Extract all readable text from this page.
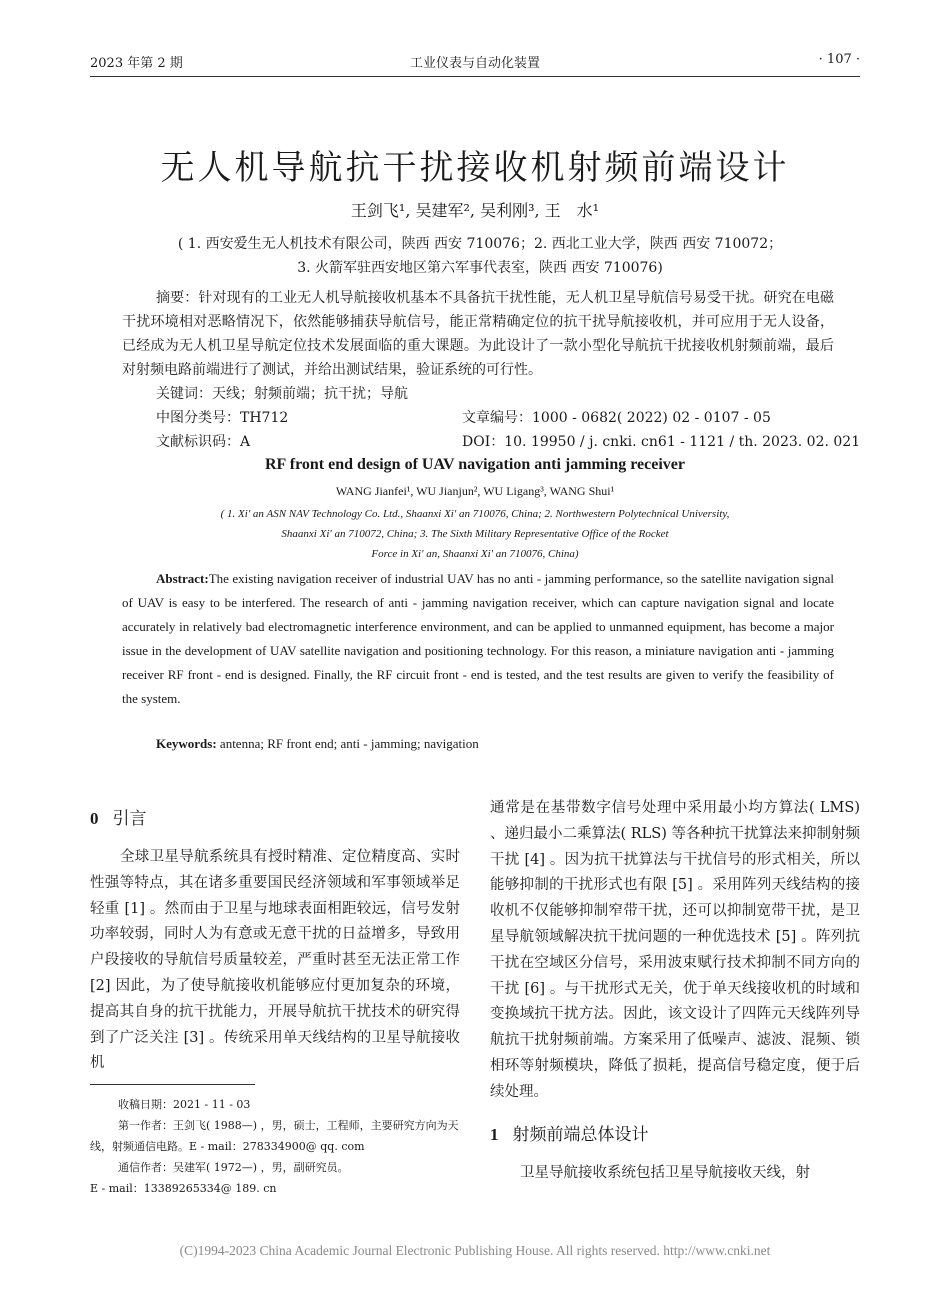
2023 年第 2 期	工业仪表与自动化装置	· 107 ·
无人机导航抗干扰接收机射频前端设计
王剑飞¹, 吴建军², 吴利刚³, 王　水¹
( 1. 西安爱生无人机技术有限公司，陕西 西安 710076；2. 西北工业大学，陕西 西安 710072；
3. 火箭军驻西安地区第六军事代表室，陕西 西安 710076)

摘要：针对现有的工业无人机导航接收机基本不具备抗干扰性能，无人机卫星导航信号易受干扰。研究在电磁干扰环境相对恶略情况下，依然能够捕获导航信号，能正常精确定位的抗干扰导航接收机，并可应用于无人设备，已经成为无人机卫星导航定位技术发展面临的重大课题。为此设计了一款小型化导航抗干扰接收机射频前端，最后对射频电路前端进行了测试，并给出测试结果，验证系统的可行性。

关键词：天线；射频前端；抗干扰；导航
中图分类号：TH712
文献标识码：A
文章编号：1000 - 0682( 2022) 02 - 0107 - 05
DOI：10. 19950 / j. cnki. cn61 - 1121 / th. 2023. 02. 021
RF front end design of UAV navigation anti jamming receiver
WANG Jianfei¹, WU Jianjun², WU Ligang³, WANG Shui¹
( 1. Xi' an ASN NAV Technology Co. Ltd., Shaanxi Xi' an 710076, China; 2. Northwestern Polytechnical University,
Shaanxi Xi' an 710072, China; 3. The Sixth Military Representative Office of the Rocket
Force in Xi' an, Shaanxi Xi' an 710076, China)

Abstract:The existing navigation receiver of industrial UAV has no anti - jamming performance, so the satellite navigation signal of UAV is easy to be interfered. The research of anti - jamming navigation receiver, which can capture navigation signal and locate accurately in relatively bad electromagnetic interference environment, and can be applied to unmanned equipment, has become a major issue in the development of UAV satellite navigation and positioning technology. For this reason, a miniature navigation anti - jamming receiver RF front - end is designed. Finally, the RF circuit front - end is tested, and the test results are given to verify the feasibility of the system.

Keywords: antenna; RF front end; anti - jamming; navigation
0 引言

全球卫星导航系统具有授时精准、定位精度高、实时性强等特点，其在诸多重要国民经济领域和军事领域举足轻重 [1] 。然而由于卫星与地球表面相距较远，信号发射功率较弱，同时人为有意或无意干扰的日益增多，导致用户段接收的导航信号质量较差，严重时甚至无法正常工作 [2] 因此，为了使导航接收机能够应付更加复杂的环境，提高其自身的抗干扰能力，开展导航抗干扰技术的研究得到了广泛关注 [3] 。传统采用单天线结构的卫星导航接收机

收稿日期：2021 - 11 - 03

第一作者：王剑飞( 1988—) ，男，硕士，工程师，主要研究方向为天线，射频通信电路。E - mail：278334900@ qq. com

通信作者：吴建军( 1972—) ，男，副研究员。

E - mail：13389265334@ 189. cn

通常是在基带数字信号处理中采用最小均方算法( LMS) 、递归最小二乘算法( RLS) 等各种抗干扰算法来抑制射频干扰 [4] 。因为抗干扰算法与干扰信号的形式相关，所以能够抑制的干扰形式也有限 [5] 。采用阵列天线结构的接收机不仅能够抑制窄带干扰，还可以抑制宽带干扰，是卫星导航领域解决抗干扰问题的一种优选技术 [5] 。阵列抗干扰在空域区分信号，采用波束赋行技术抑制不同方向的干扰 [6] 。与干扰形式无关，优于单天线接收机的时域和变换域抗干扰方法。因此，该文设计了四阵元天线阵列导航抗干扰射频前端。方案采用了低噪声、滤波、混频、锁相环等射频模块，降低了损耗，提高信号稳定度，便于后续处理。

1 射频前端总体设计

卫星导航接收系统包括卫星导航接收天线，射

(C)1994-2023 China Academic Journal Electronic Publishing House. All rights reserved. http://www.cnki.net
